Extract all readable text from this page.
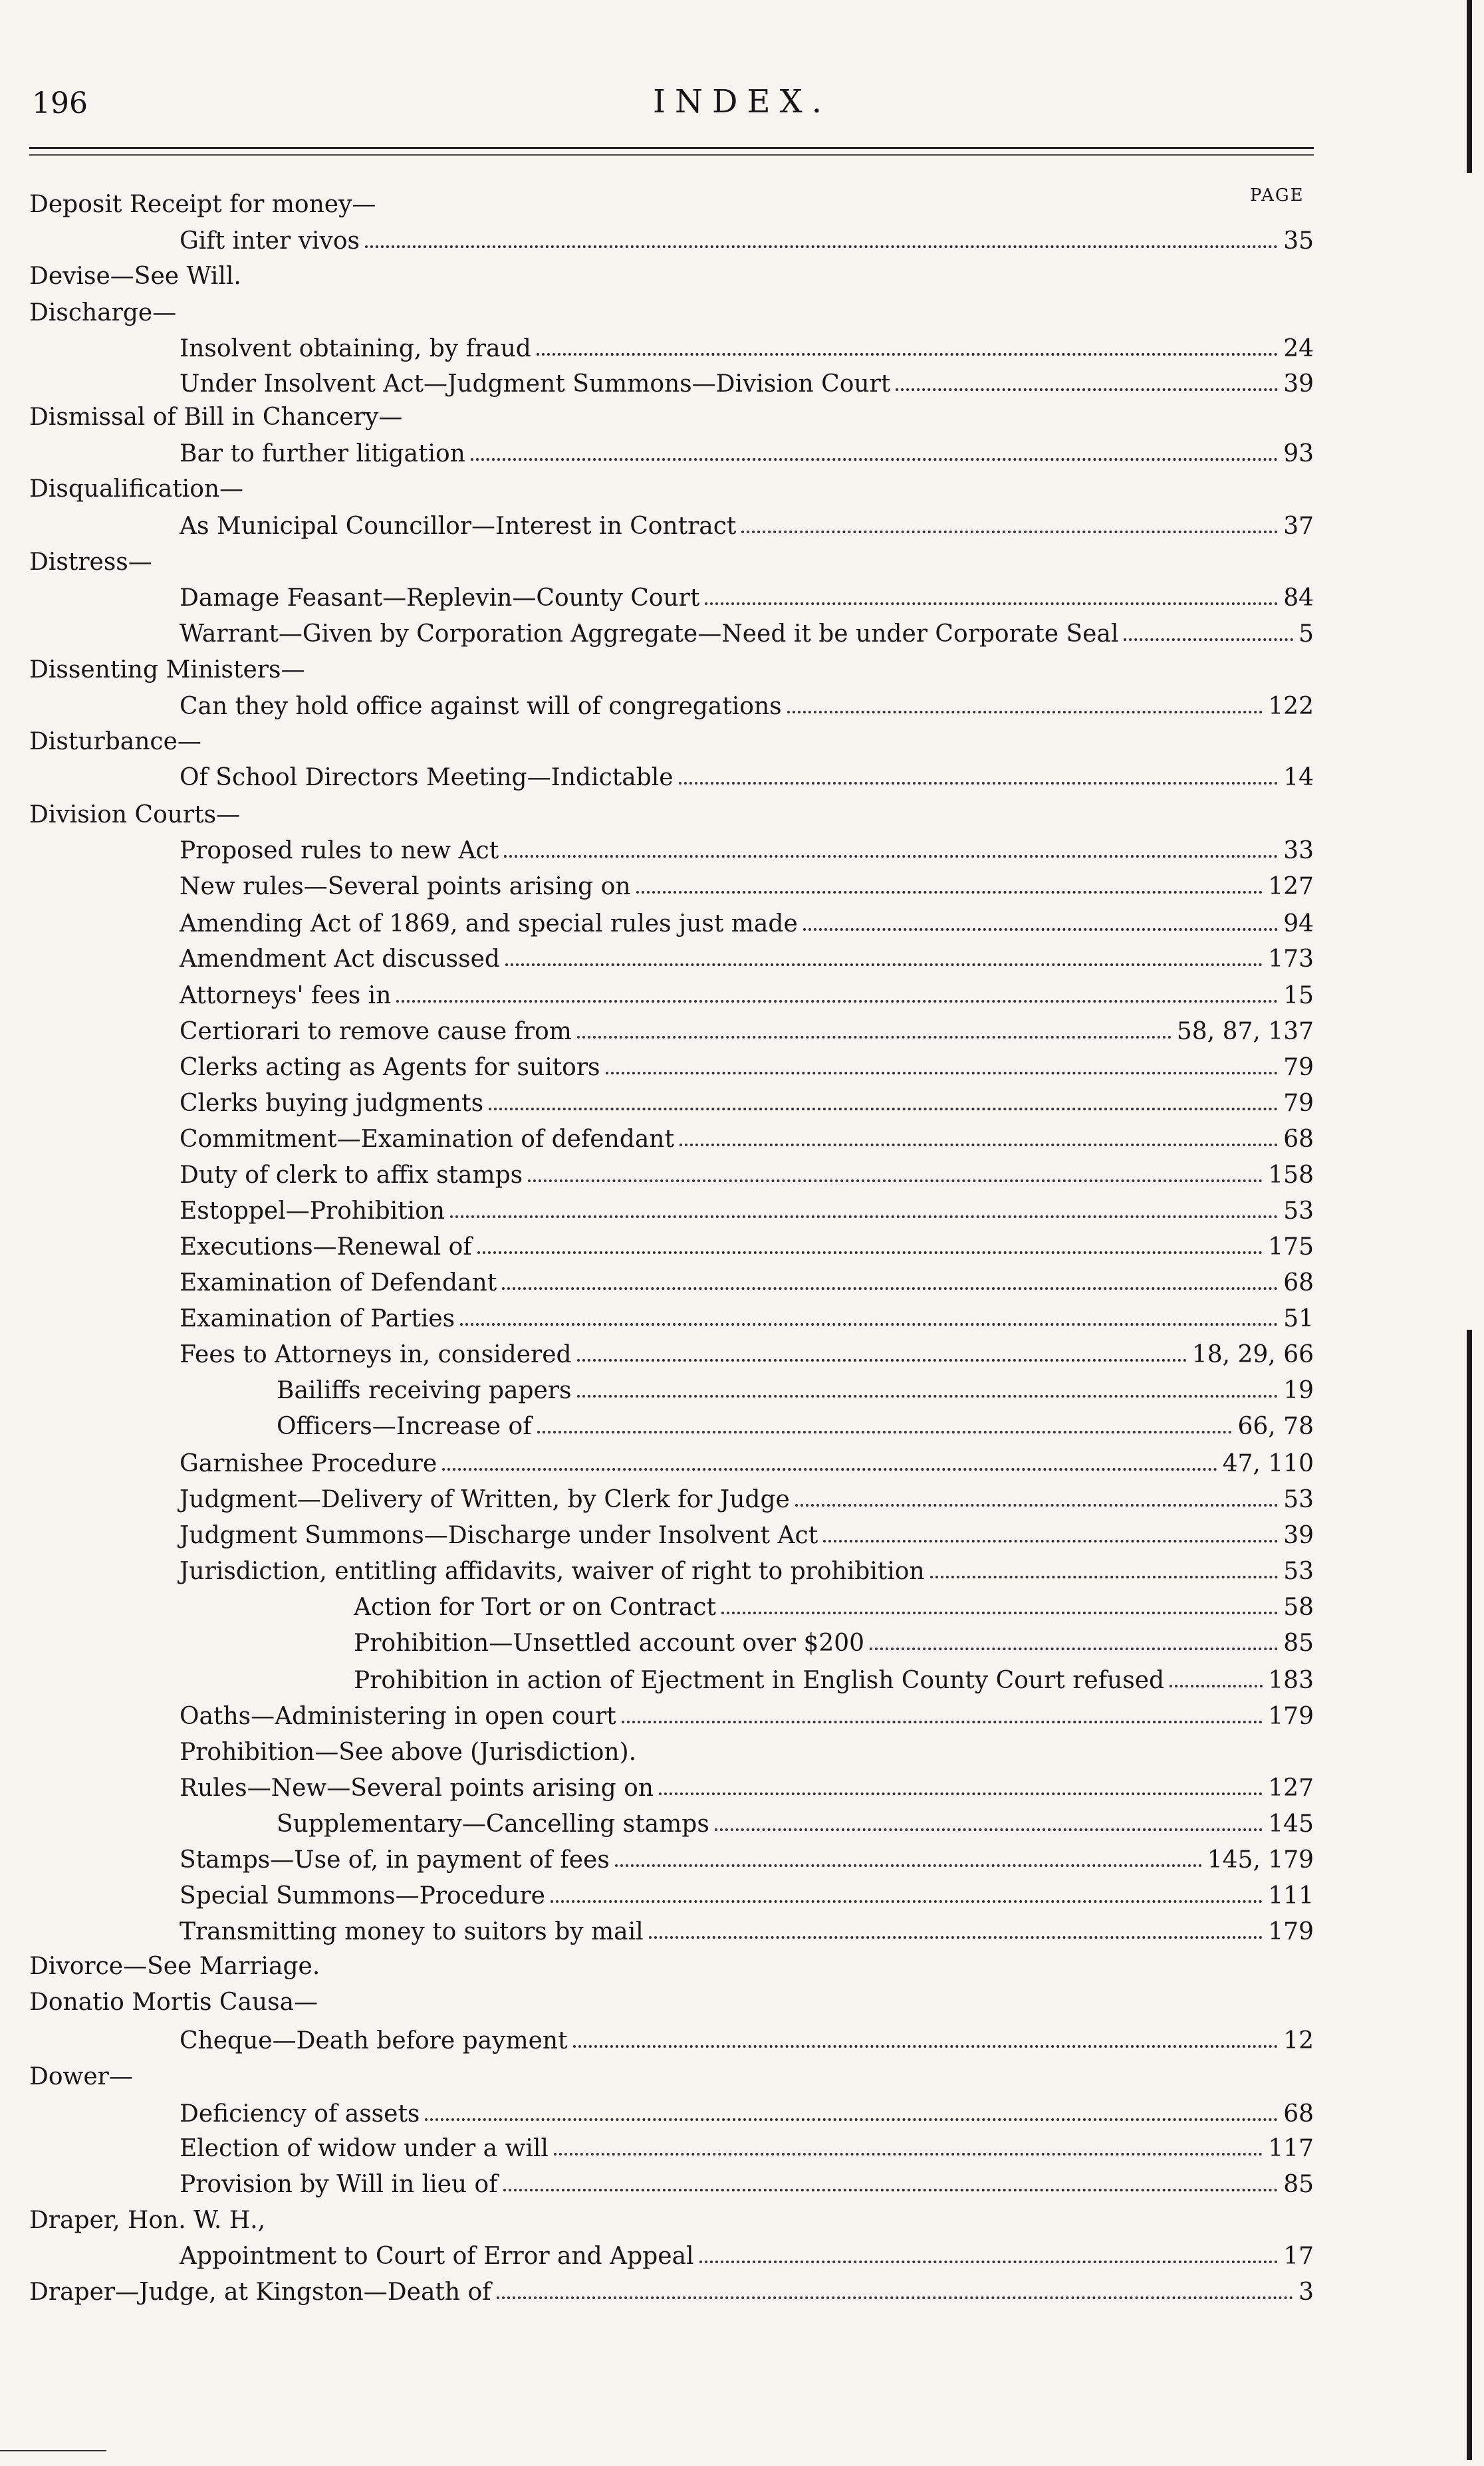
196	INDEX.
PAGE
Deposit Receipt for money—
Gift inter vivos	35
Devise—See Will.
Discharge—
Insolvent obtaining, by fraud	24
Under Insolvent Act—Judgment Summons—Division Court	39
Dismissal of Bill in Chancery—
Bar to further litigation	93
Disqualification—
As Municipal Councillor—Interest in Contract	37
Distress—
Damage Feasant—Replevin—County Court	84
Warrant—Given by Corporation Aggregate—Need it be under Corporate Seal	5
Dissenting Ministers—
Can they hold office against will of congregations	122
Disturbance—
Of School Directors Meeting—Indictable	14
Division Courts—
Proposed rules to new Act	33
New rules—Several points arising on	127
Amending Act of 1869, and special rules just made	94
Amendment Act discussed	173
Attorneys' fees in	15
Certiorari to remove cause from	58, 87, 137
Clerks acting as Agents for suitors	79
Clerks buying judgments	79
Commitment—Examination of defendant	68
Duty of clerk to affix stamps	158
Estoppel—Prohibition	53
Executions—Renewal of	175
Examination of Defendant	68
Examination of Parties	51
Fees to Attorneys in, considered	18, 29, 66
Bailiffs receiving papers	19
Officers—Increase of	66, 78
Garnishee Procedure	47, 110
Judgment—Delivery of Written, by Clerk for Judge	53
Judgment Summons—Discharge under Insolvent Act	39
Jurisdiction, entitling affidavits, waiver of right to prohibition	53
Action for Tort or on Contract	58
Prohibition—Unsettled account over $200	85
Prohibition in action of Ejectment in English County Court refused	183
Oaths—Administering in open court	179
Prohibition—See above (Jurisdiction).
Rules—New—Several points arising on	127
Supplementary—Cancelling stamps	145
Stamps—Use of, in payment of fees	145, 179
Special Summons—Procedure	111
Transmitting money to suitors by mail	179
Divorce—See Marriage.
Donatio Mortis Causa—
Cheque—Death before payment	12
Dower—
Deficiency of assets	68
Election of widow under a will	117
Provision by Will in lieu of	85
Draper, Hon. W. H.,
Appointment to Court of Error and Appeal	17
Draper—Judge, at Kingston—Death of	3
